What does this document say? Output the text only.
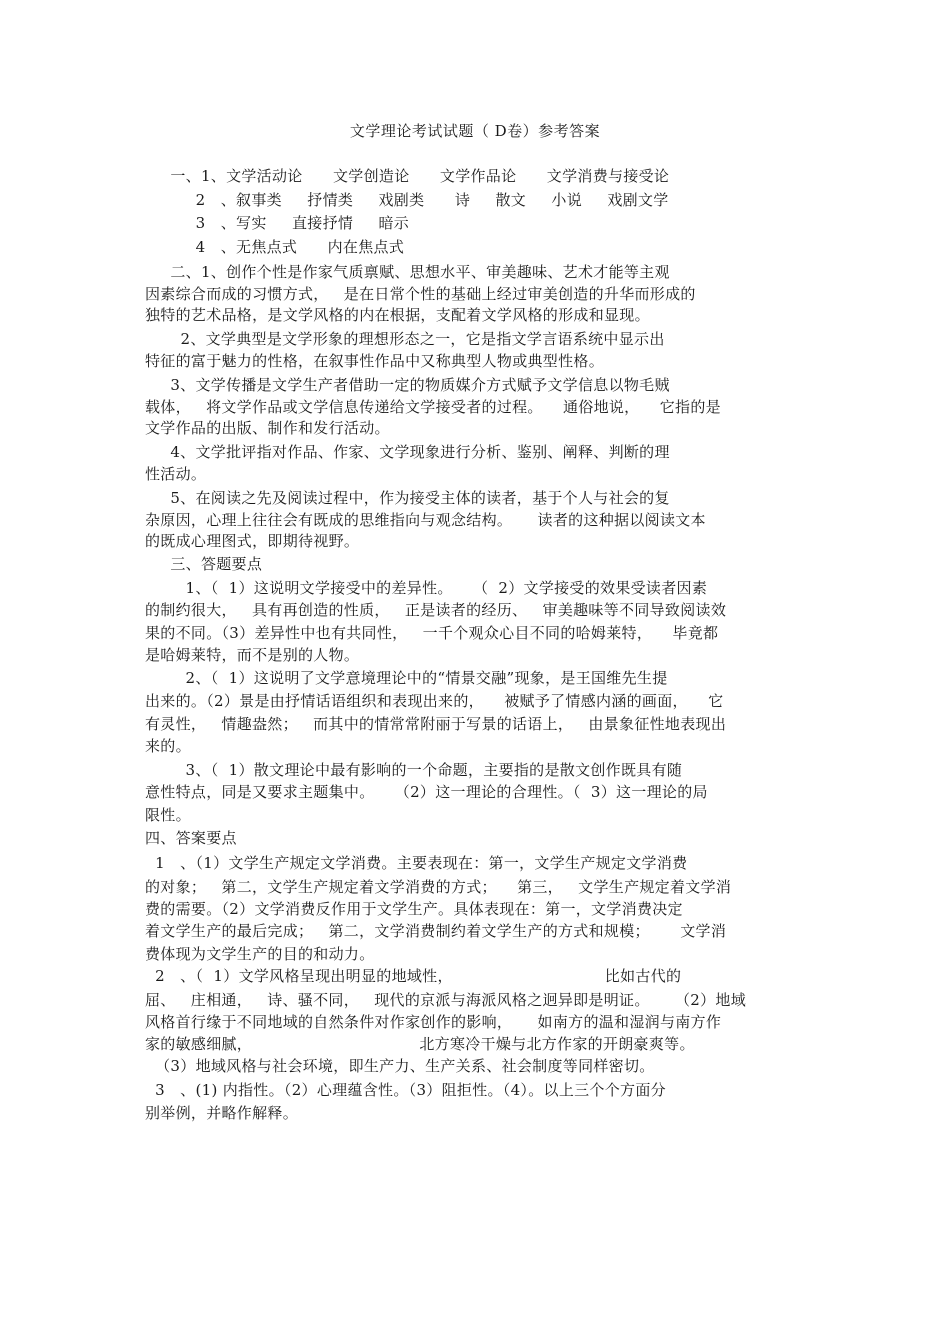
文学理论考试试题（ D卷）参考答案
一、1、文学活动论      文学创造论      文学作品论      文学消费与接受论
2   、叙事类     抒情类     戏剧类      诗     散文     小说     戏剧文学
3   、写实     直接抒情     暗示
4   、无焦点式      内在焦点式
二、1、创作个性是作家气质禀赋、思想水平、审美趣味、艺术才能等主观
因素综合而成的习惯方式，   是在日常个性的基础上经过审美创造的升华而形成的
独特的艺术品格，是文学风格的内在根据，支配着文学风格的形成和显现。
2、文学典型是文学形象的理想形态之一，它是指文学言语系统中显示出
特征的富于魅力的性格，在叙事性作品中又称典型人物或典型性格。
3、文学传播是文学生产者借助一定的物质媒介方式赋予文学信息以物毛贼
载体，   将文学作品或文学信息传递给文学接受者的过程。    通俗地说，    它指的是
文学作品的出版、制作和发行活动。
4、文学批评指对作品、作家、文学现象进行分析、鉴别、阐释、判断的理
性活动。
5、在阅读之先及阅读过程中，作为接受主体的读者，基于个人与社会的复
杂原因，心理上往往会有既成的思维指向与观念结构。     读者的这种据以阅读文本
的既成心理图式，即期待视野。
三、答题要点
1、（  1）这说明文学接受中的差异性。    （  2）文学接受的效果受读者因素
的制约很大，   具有再创造的性质，   正是读者的经历、   审美趣味等不同导致阅读效
果的不同。（3）差异性中也有共同性，   一千个观众心目不同的哈姆莱特，    毕竟都
是哈姆莱特，而不是别的人物。
2、（  1）这说明了文学意境理论中的“情景交融”现象，是王国维先生提
出来的。（2）景是由抒情话语组织和表现出来的，    被赋予了情感内涵的画面，    它
有灵性，   情趣盎然；   而其中的情常常附丽于写景的话语上，   由景象征性地表现出
来的。
3、（  1）散文理论中最有影响的一个命题，主要指的是散文创作既具有随
意性特点，同是又要求主题集中。    （2）这一理论的合理性。（  3）这一理论的局
限性。
四、答案要点
1   、（1）文学生产规定文学消费。主要表现在：第一，文学生产规定文学消费
的对象；   第二，文学生产规定着文学消费的方式；    第三，   文学生产规定着文学消
费的需要。（2）文学消费反作用于文学生产。具体表现在：第一，文学消费决定
着文学生产的最后完成；   第二，文学消费制约着文学生产的方式和规模；      文学消
费体现为文学生产的目的和动力。
2   、（  1）文学风格呈现出明显的地域性，                              比如古代的
屈、   庄相通，   诗、骚不同，   现代的京派与海派风格之迥异即是明证。     （2）地域
风格首行缘于不同地域的自然条件对作家创作的影响，     如南方的温和湿润与南方作
家的敏感细腻，                                 北方寒冷干燥与北方作家的开朗豪爽等。
（3）地域风格与社会环境，即生产力、生产关系、社会制度等同样密切。
3   、(1) 内指性。（2）心理蕴含性。（3）阻拒性。（4）。以上三个个方面分
别举例，并略作解释。
